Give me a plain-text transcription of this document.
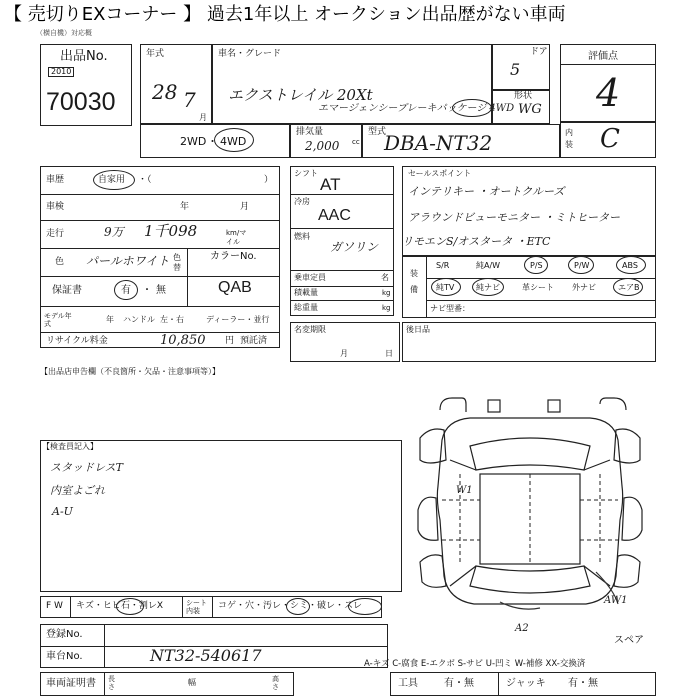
【 売切りEXコーナー 】 過去1年以上 オークション出品歴がない車両
（横自機）対応概
出品No.
2010
70030
年式
28 7
月
車名・グレード
エクストレイル 20Xt
エマージェンシーブレーキパッケージ 4WD
ドア
5
形状
WG
評価点
4
内装 C
2WD ・ 4WD
排気量
2,000 cc
型式
DBA-NT32
車歴	自家用 ・（	）
車検	年	月
走行	9万 1千098	km/マイル
色 パールホワイト 色替
カラーNo.
QAB
保証書	有 ・ 無
モデル年式	年 ハンドル 左・右	ディーラー・並行
リサイクル料金	10,850 円 預託済
シフト
AT
冷房
AAC
燃料
ガソリン
乗車定員	名
積載量	kg
総重量	kg
名変期限
月	日
セールスポイント
インテリキー ・オートクルーズ
アラウンドビューモニター ・ミトヒーター
リモエンS/オスタータ ・ETC
装備
S/R	純A/W	P/S	P/W	ABS
純TV	純ナビ	革シート 外ナビ	エアB
ナビ型番：
後日品
【出品店申告欄（不良箇所・欠品・注意事項等）】
【検査員記入】
スタッドレスT
内室よごれ
A-U
W1
AW1
A2
スペア
F W キズ・ヒビ石・割レX	シート内装	コゲ・穴・汚レ・シミ・破レ・スレ
登録No.
車台No.	NT32-540617	A-キズ C-腐食 E-エクボ S-サビ U-凹ミ W-補修 XX-交換済
車両証明書 長さ	幅	高さ	工具	有・無	ジャッキ 有・無
